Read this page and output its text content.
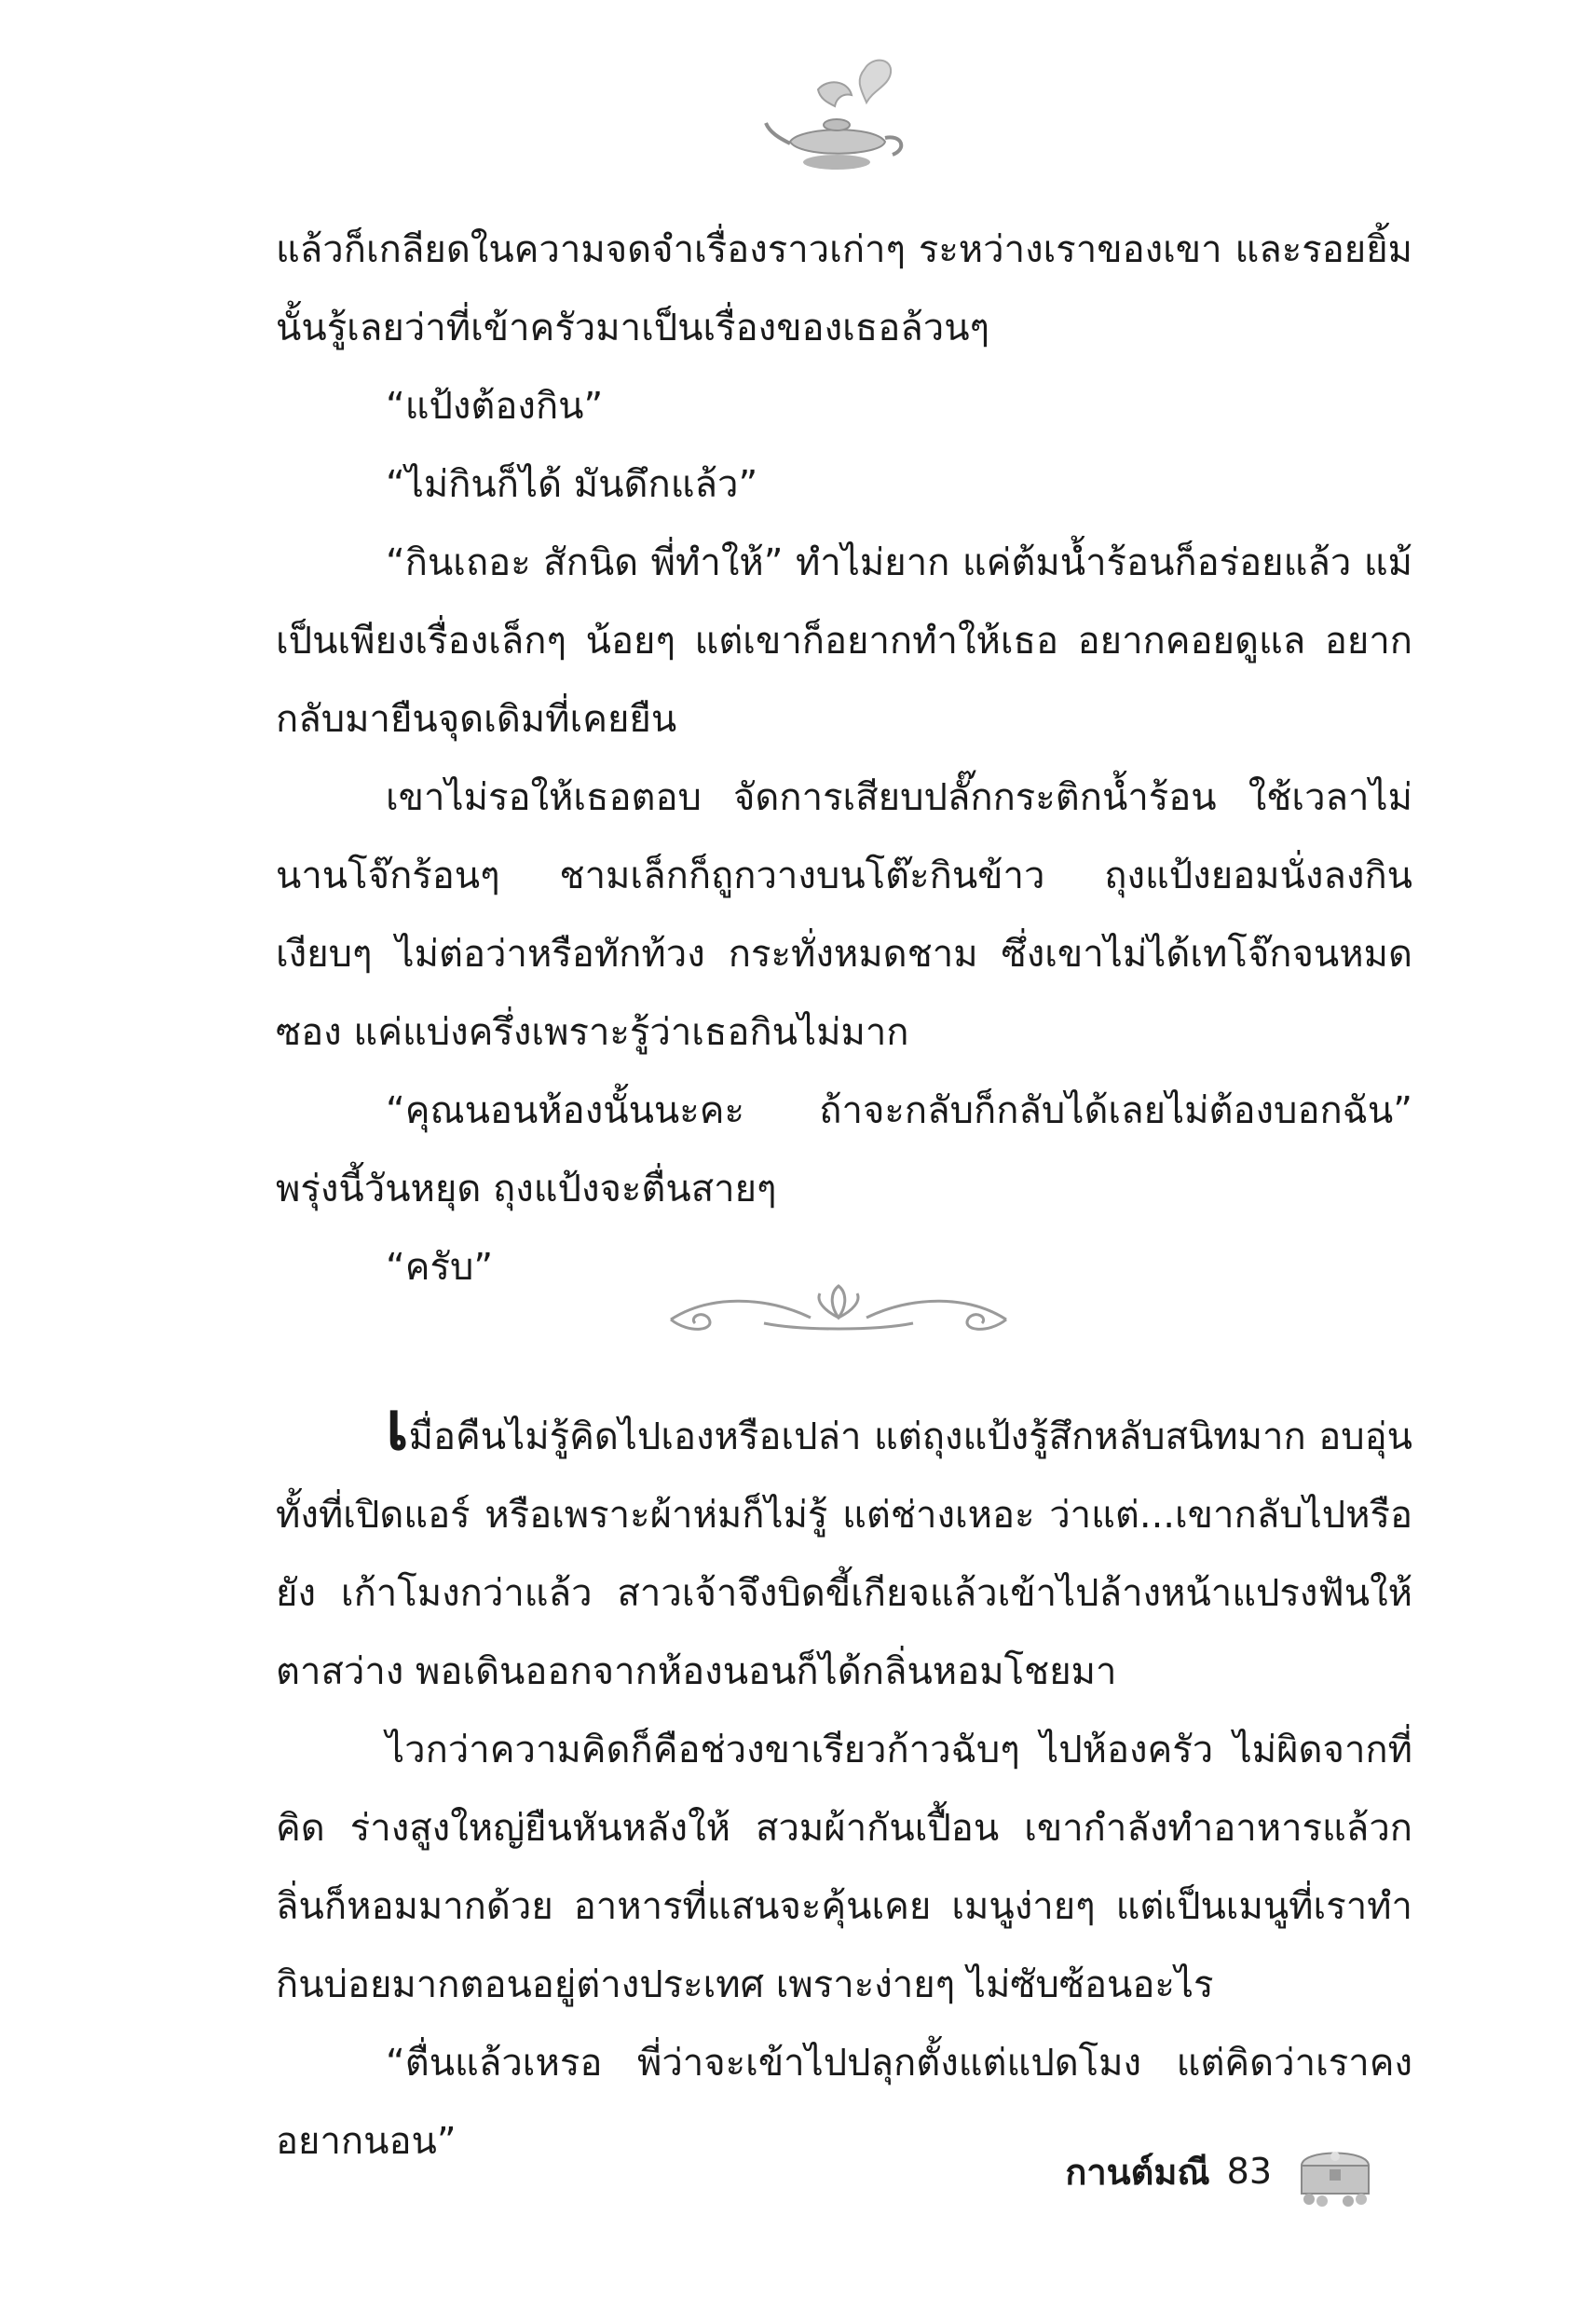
แล้วก็เกลียดในความจดจำเรื่องราวเก่าๆ ระหว่างเราของเขา และรอยยิ้มนั้นรู้เลยว่าที่เข้าครัวมาเป็นเรื่องของเธอล้วนๆ

“แป้งต้องกิน”

“ไม่กินก็ได้ มันดึกแล้ว”

“กินเถอะ สักนิด พี่ทำให้” ทำไม่ยาก แค่ต้มน้ำร้อนก็อร่อยแล้ว แม้เป็นเพียงเรื่องเล็กๆ น้อยๆ แต่เขาก็อยากทำให้เธอ อยากคอยดูแล อยากกลับมายืนจุดเดิมที่เคยยืน

เขาไม่รอให้เธอตอบ จัดการเสียบปลั๊กกระติกน้ำร้อน ใช้เวลาไม่นานโจ๊กร้อนๆ ชามเล็กก็ถูกวางบนโต๊ะกินข้าว ถุงแป้งยอมนั่งลงกินเงียบๆ ไม่ต่อว่าหรือทักท้วง กระทั่งหมดชาม ซึ่งเขาไม่ได้เทโจ๊กจนหมดซอง แค่แบ่งครึ่งเพราะรู้ว่าเธอกินไม่มาก

“คุณนอนห้องนั้นนะคะ ถ้าจะกลับก็กลับได้เลยไม่ต้องบอกฉัน” พรุ่งนี้วันหยุด ถุงแป้งจะตื่นสายๆ

“ครับ”

เมื่อคืนไม่รู้คิดไปเองหรือเปล่า แต่ถุงแป้งรู้สึกหลับสนิทมาก อบอุ่นทั้งที่เปิดแอร์ หรือเพราะผ้าห่มก็ไม่รู้ แต่ช่างเหอะ ว่าแต่...เขากลับไปหรือยัง เก้าโมงกว่าแล้ว สาวเจ้าจึงบิดขี้เกียจแล้วเข้าไปล้างหน้าแปรงฟันให้ตาสว่าง พอเดินออกจากห้องนอนก็ได้กลิ่นหอมโชยมา

ไวกว่าความคิดก็คือช่วงขาเรียวก้าวฉับๆ ไปห้องครัว ไม่ผิดจากที่คิด ร่างสูงใหญ่ยืนหันหลังให้ สวมผ้ากันเปื้อน เขากำลังทำอาหารแล้วกลิ่นก็หอมมากด้วย อาหารที่แสนจะคุ้นเคย เมนูง่ายๆ แต่เป็นเมนูที่เราทำกินบ่อยมากตอนอยู่ต่างประเทศ เพราะง่ายๆ ไม่ซับซ้อนอะไร

“ตื่นแล้วเหรอ พี่ว่าจะเข้าไปปลุกตั้งแต่แปดโมง แต่คิดว่าเราคงอยากนอน”

กานต์มณี 83
